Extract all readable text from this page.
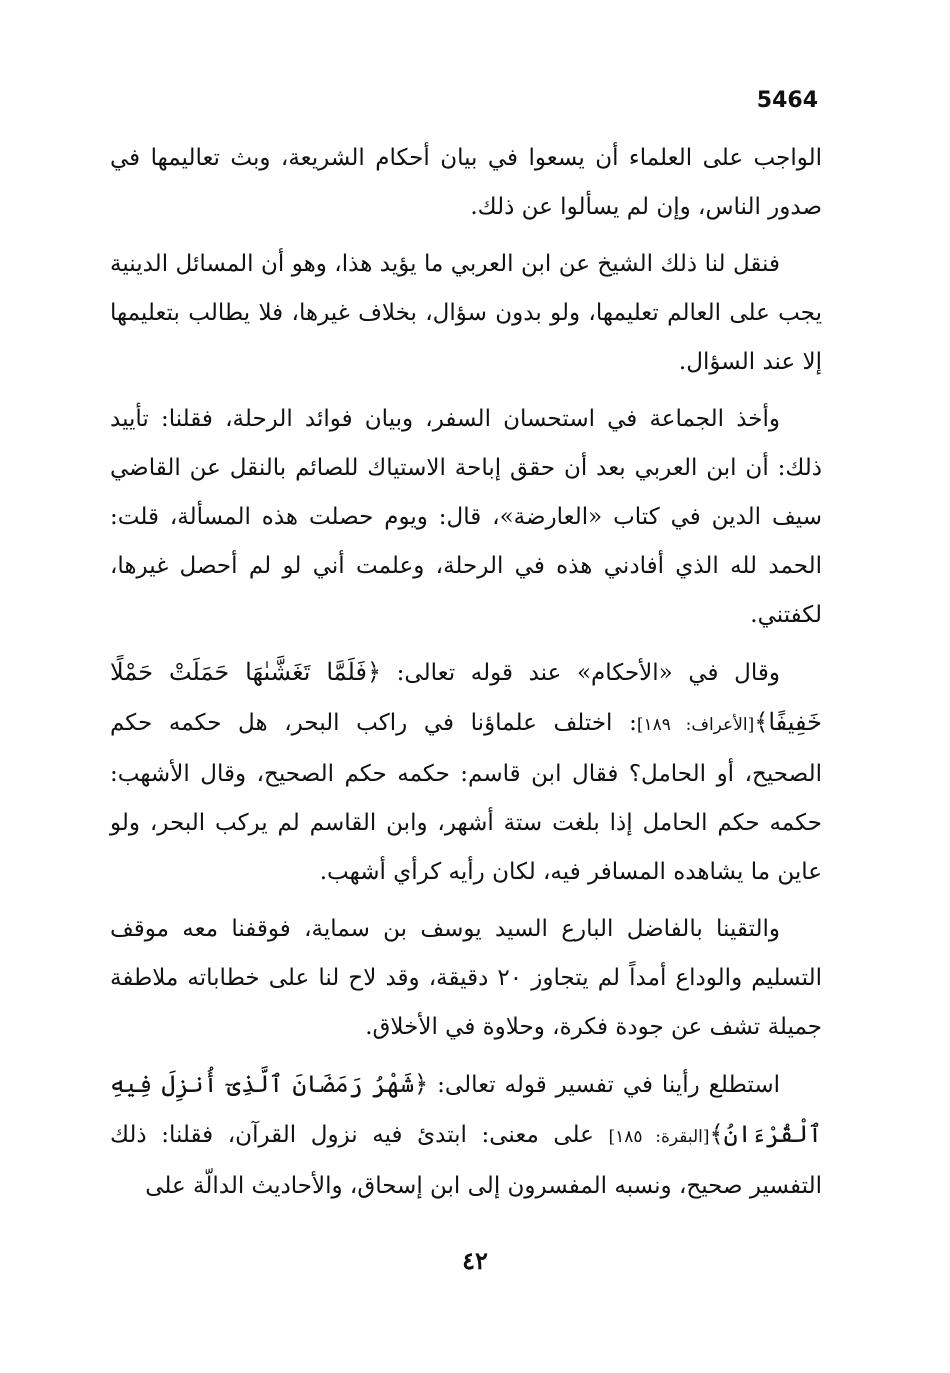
5464

الواجب على العلماء أن يسعوا في بيان أحكام الشريعة، وبث تعاليمها في صدور الناس، وإن لم يسألوا عن ذلك.

فنقل لنا ذلك الشيخ عن ابن العربي ما يؤيد هذا، وهو أن المسائل الدينية يجب على العالم تعليمها، ولو بدون سؤال، بخلاف غيرها، فلا يطالب بتعليمها إلا عند السؤال.

وأخذ الجماعة في استحسان السفر، وبيان فوائد الرحلة، فقلنا: تأييد ذلك: أن ابن العربي بعد أن حقق إباحة الاستياك للصائم بالنقل عن القاضي سيف الدين في كتاب «العارضة»، قال: ويوم حصلت هذه المسألة، قلت: الحمد لله الذي أفادني هذه في الرحلة، وعلمت أني لو لم أحصل غيرها، لكفتني.

وقال في «الأحكام» عند قوله تعالى: ﴿فَلَمَّا تَغَشَّىٰهَا حَمَلَتْ حَمْلًا خَفِيفًا﴾[الأعراف: ١٨٩]: اختلف علماؤنا في راكب البحر، هل حكمه حكم الصحيح، أو الحامل؟ فقال ابن قاسم: حكمه حكم الصحيح، وقال الأشهب: حكمه حكم الحامل إذا بلغت ستة أشهر، وابن القاسم لم يركب البحر، ولو عاين ما يشاهده المسافر فيه، لكان رأيه كرأي أشهب.

والتقينا بالفاضل البارع السيد يوسف بن سماية، فوقفنا معه موقف التسليم والوداع أمداً لم يتجاوز ٢٠ دقيقة، وقد لاح لنا على خطاباته ملاطفة جميلة تشف عن جودة فكرة، وحلاوة في الأخلاق.

استطلع رأينا في تفسير قوله تعالى: ﴿شَهْرُ رَمَضَانَ ٱلَّذِىٓ أُنزِلَ فِيهِ ٱلْقُرْءَانُ﴾[البقرة: ١٨٥] على معنى: ابتدئ فيه نزول القرآن، فقلنا: ذلك التفسير صحيح، ونسبه المفسرون إلى ابن إسحاق، والأحاديث الدالّة على

٤٢
